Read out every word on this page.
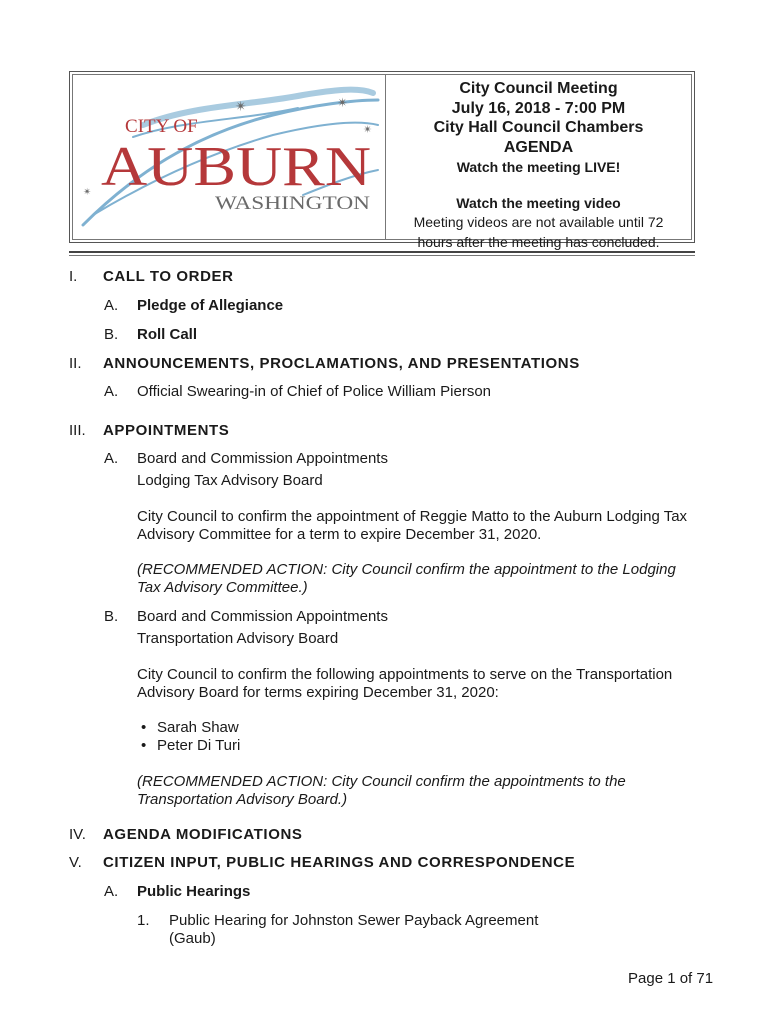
✴	✴
✴
✴
CITY OF
AUBURN
WASHINGTON
City Council Meeting
July 16, 2018 - 7:00 PM
City Hall Council Chambers
AGENDA
Watch the meeting LIVE!
Watch the meeting video
Meeting videos are not available until 72
hours after the meeting has concluded.
I. CALL TO ORDER
A. Pledge of Allegiance
B. Roll Call
II. ANNOUNCEMENTS, PROCLAMATIONS, AND PRESENTATIONS
A. Official Swearing-in of Chief of Police William Pierson
III. APPOINTMENTS
A. Board and Commission Appointments
Lodging Tax Advisory Board
City Council to confirm the appointment of Reggie Matto to the Auburn Lodging Tax
Advisory Committee for a term to expire December 31, 2020.
(RECOMMENDED ACTION: City Council confirm the appointment to the Lodging
Tax Advisory Committee.)
B. Board and Commission Appointments
Transportation Advisory Board
City Council to confirm the following appointments to serve on the Transportation
Advisory Board for terms expiring December 31, 2020:
• Sarah Shaw
• Peter Di Turi
(RECOMMENDED ACTION: City Council confirm the appointments to the
Transportation Advisory Board.)
IV. AGENDA MODIFICATIONS
V. CITIZEN INPUT, PUBLIC HEARINGS AND CORRESPONDENCE
A. Public Hearings
1. Public Hearing for Johnston Sewer Payback Agreement
(Gaub)
Page 1 of 71
